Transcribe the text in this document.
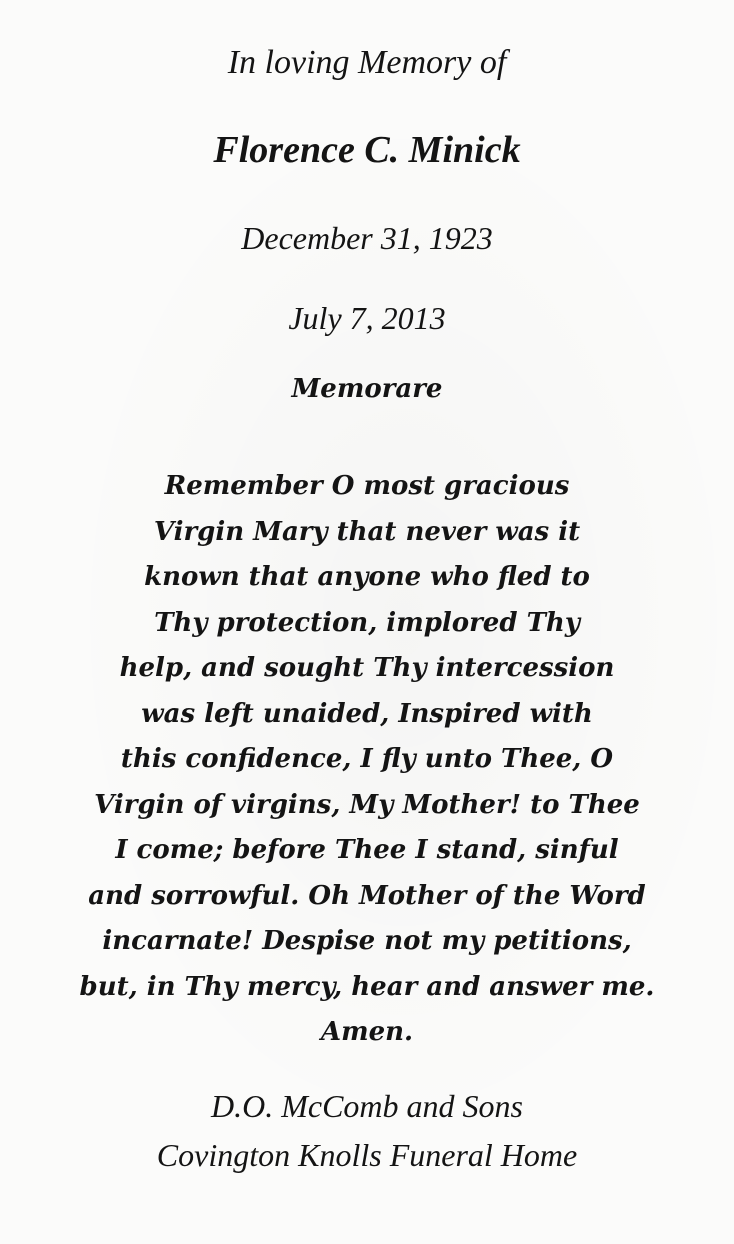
In loving Memory of
Florence C. Minick
December 31, 1923
July 7, 2013
Memorare
Remember O most gracious
Virgin Mary that never was it
known that anyone who fled to
Thy protection, implored Thy
help, and sought Thy intercession
was left unaided, Inspired with
this confidence, I fly unto Thee, O
Virgin of virgins, My Mother! to Thee
I come; before Thee I stand, sinful
and sorrowful. Oh Mother of the Word
incarnate! Despise not my petitions,
but, in Thy mercy, hear and answer me.
Amen.
D.O. McComb and Sons
Covington Knolls Funeral Home
